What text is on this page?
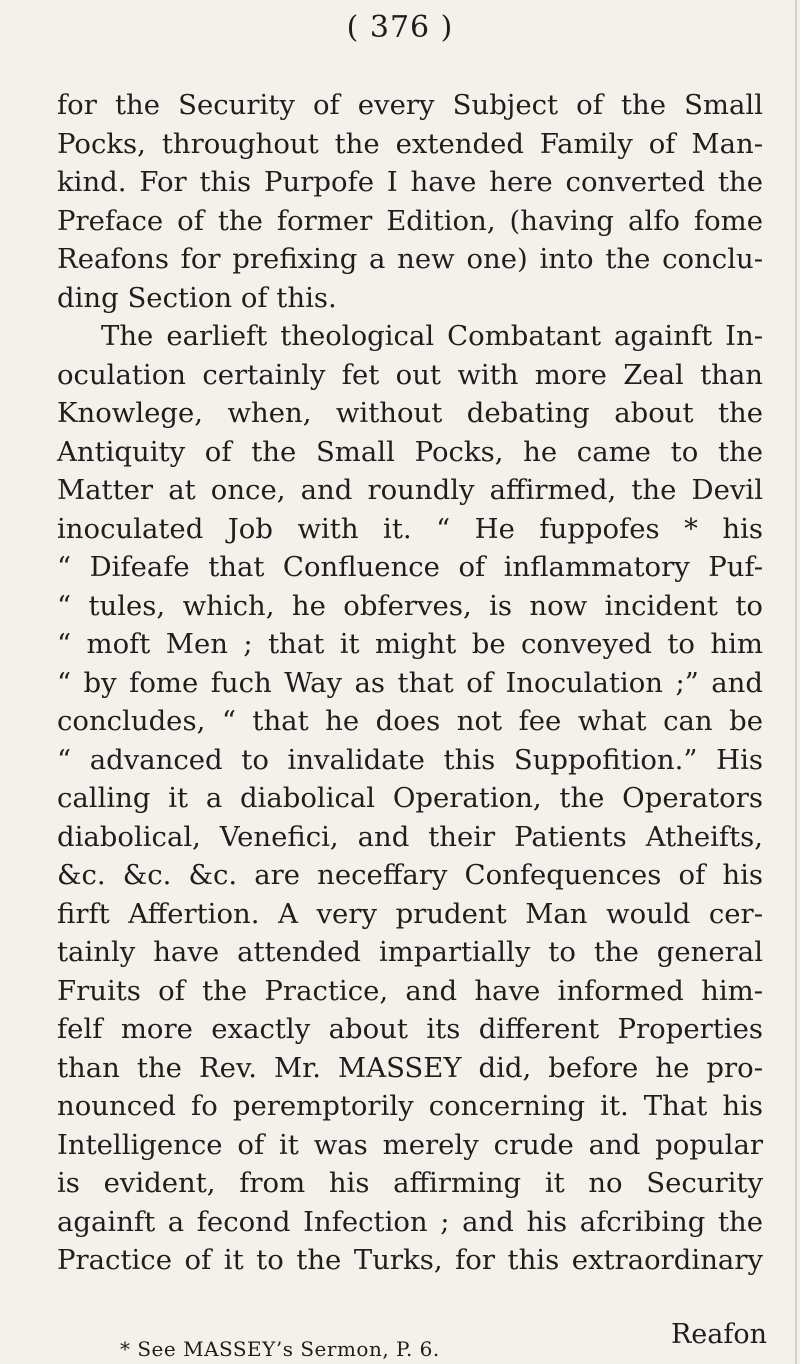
( 376 )
for the Security of every Subject of the Small
Pocks, throughout the extended Family of Man-
kind. For this Purpofe I have here converted the
Preface of the former Edition, (having alfo fome
Reafons for prefixing a new one) into the conclu-
ding Section of this.
The earlieft theological Combatant againft In-
oculation certainly fet out with more Zeal than
Knowlege, when, without debating about the
Antiquity of the Small Pocks, he came to the
Matter at once, and roundly affirmed, the Devil
inoculated Job with it. “ He fuppofes * his
“ Difeafe that Confluence of inflammatory Puf-
“ tules, which, he obferves, is now incident to
“ moft Men ; that it might be conveyed to him
“ by fome fuch Way as that of Inoculation ;” and
concludes, “ that he does not fee what can be
“ advanced to invalidate this Suppofition.” His
calling it a diabolical Operation, the Operators
diabolical, Venefici, and their Patients Atheifts,
&c. &c. &c. are neceffary Confequences of his
firft Affertion. A very prudent Man would cer-
tainly have attended impartially to the general
Fruits of the Practice, and have informed him-
felf more exactly about its different Properties
than the Rev. Mr. MASSEY did, before he pro-
nounced fo peremptorily concerning it. That his
Intelligence of it was merely crude and popular
is evident, from his affirming it no Security
againft a fecond Infection ; and his afcribing the
Practice of it to the Turks, for this extraordinary
Reafon
* See MASSEY’s Sermon, P. 6.
